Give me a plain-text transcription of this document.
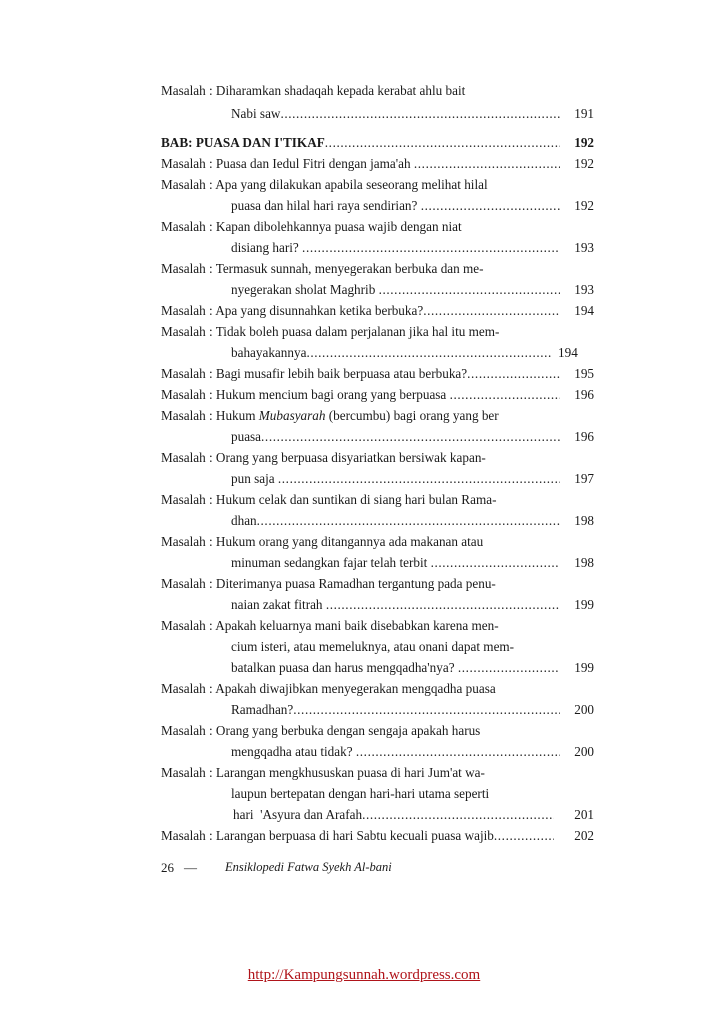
Masalah : Diharamkan shadaqah kepada kerabat ahlu bait
Nabi saw .....	191
BAB: PUASA DAN I'TIKAF .....	192
Masalah : Puasa dan Iedul Fitri dengan jama'ah .....	192
Masalah : Apa yang dilakukan apabila seseorang melihat hilal
puasa dan hilal hari raya sendirian? .....	192
Masalah : Kapan dibolehkannya puasa wajib dengan niat
disiang hari? .....	193
Masalah : Termasuk sunnah, menyegerakan berbuka dan me-
nyegerakan sholat Maghrib .....	193
Masalah : Apa yang disunnahkan ketika berbuka? .....	194
Masalah : Tidak boleh puasa dalam perjalanan jika hal itu mem-
bahayakannya .....	194
Masalah : Bagi musafir lebih baik berpuasa atau berbuka? .....	195
Masalah : Hukum mencium bagi orang yang berpuasa .....	196
Masalah : Hukum Mubasyarah (bercumbu) bagi orang yang ber
puasa .....	196
Masalah : Orang yang berpuasa disyariatkan bersiwak kapan-
pun saja .....	197
Masalah : Hukum celak dan suntikan di siang hari bulan Rama-
dhan .....	198
Masalah : Hukum orang yang ditangannya ada makanan atau
minuman sedangkan fajar telah terbit .....	198
Masalah : Diterimanya puasa Ramadhan tergantung pada penu-
naian zakat fitrah .....	199
Masalah : Apakah keluarnya mani baik disebabkan karena men-
cium isteri, atau memeluknya, atau onani dapat mem-
batalkan puasa dan harus mengqadha'nya? .....	199
Masalah : Apakah diwajibkan menyegerakan mengqadha puasa
Ramadhan? .....	200
Masalah : Orang yang berbuka dengan sengaja apakah harus
mengqadha atau tidak? .....	200
Masalah : Larangan mengkhususkan puasa di hari Jum'at wa-
laupun bertepatan dengan hari-hari utama seperti
hari  'Asyura dan Arafah .....	201
Masalah : Larangan berpuasa di hari Sabtu kecuali puasa wajib .....	202
26 — Ensiklopedi Fatwa Syekh Al-bani
http://Kampungsunnah.wordpress.com
